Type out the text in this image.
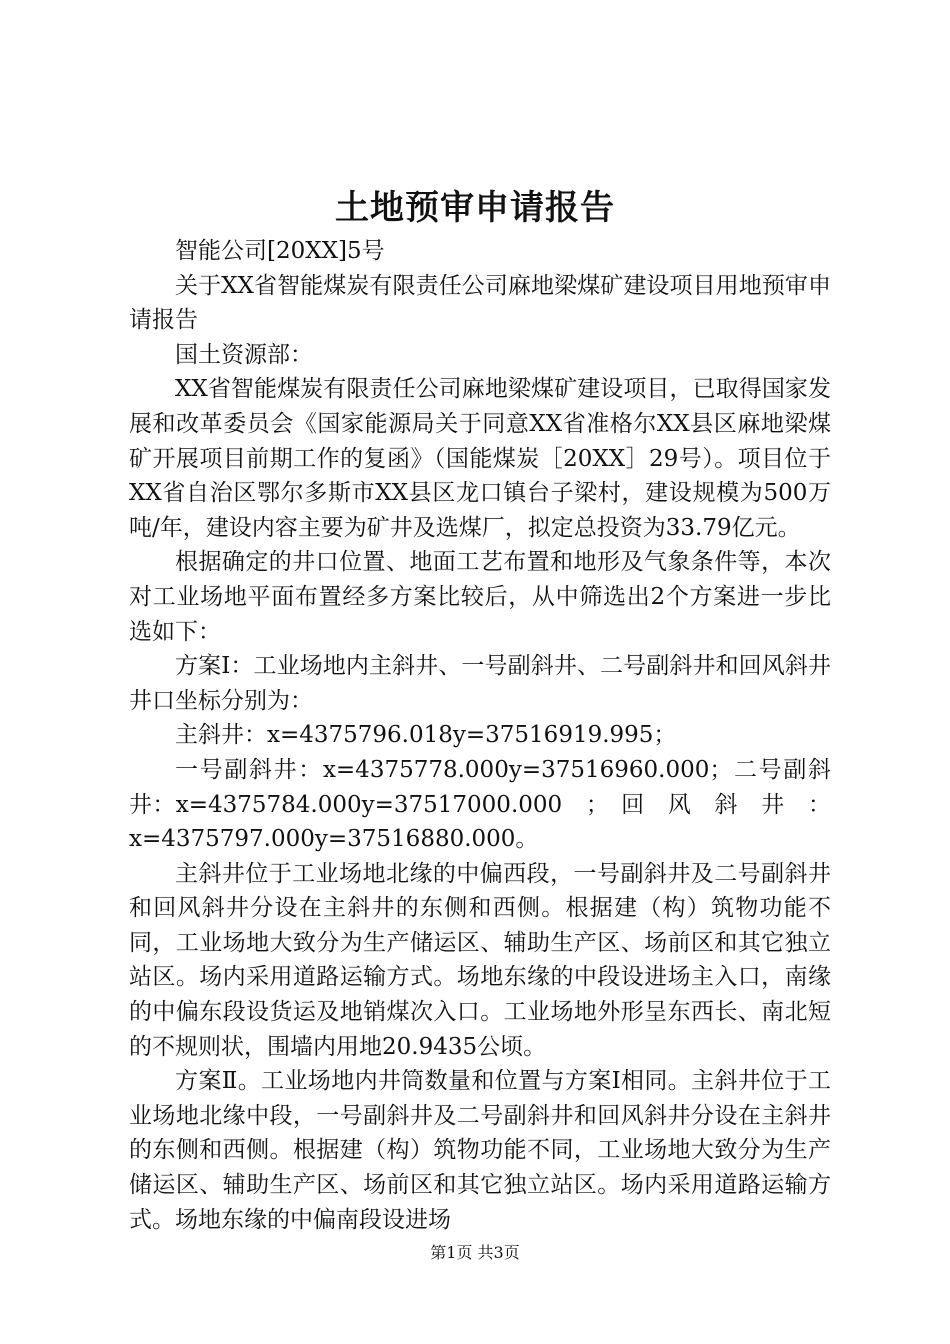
土地预审申请报告

智能公司[20XX]5号

关于XX省智能煤炭有限责任公司麻地梁煤矿建设项目用地预审申请报告

国土资源部：

XX省智能煤炭有限责任公司麻地梁煤矿建设项目，已取得国家发展和改革委员会《国家能源局关于同意XX省准格尔XX县区麻地梁煤矿开展项目前期工作的复函》（国能煤炭［20XX］29号）。项目位于XX省自治区鄂尔多斯市XX县区龙口镇台子梁村，建设规模为500万吨/年，建设内容主要为矿井及选煤厂，拟定总投资为33.79亿元。

根据确定的井口位置、地面工艺布置和地形及气象条件等，本次对工业场地平面布置经多方案比较后，从中筛选出2个方案进一步比选如下：

方案Ⅰ：工业场地内主斜井、一号副斜井、二号副斜井和回风斜井井口坐标分别为：

主斜井：x=4375796.018y=37516919.995；

一号副斜井：x=4375778.000y=37516960.000；二号副斜井：x=4375784.000y=37517000.000　；　回　风　斜　井　：x=4375797.000y=37516880.000。

主斜井位于工业场地北缘的中偏西段，一号副斜井及二号副斜井和回风斜井分设在主斜井的东侧和西侧。根据建（构）筑物功能不同，工业场地大致分为生产储运区、辅助生产区、场前区和其它独立站区。场内采用道路运输方式。场地东缘的中段设进场主入口，南缘的中偏东段设货运及地销煤次入口。工业场地外形呈东西长、南北短的不规则状，围墙内用地20.9435公顷。

方案Ⅱ。工业场地内井筒数量和位置与方案Ⅰ相同。主斜井位于工业场地北缘中段，一号副斜井及二号副斜井和回风斜井分设在主斜井的东侧和西侧。根据建（构）筑物功能不同，工业场地大致分为生产储运区、辅助生产区、场前区和其它独立站区。场内采用道路运输方式。场地东缘的中偏南段设进场

第1页 共3页
